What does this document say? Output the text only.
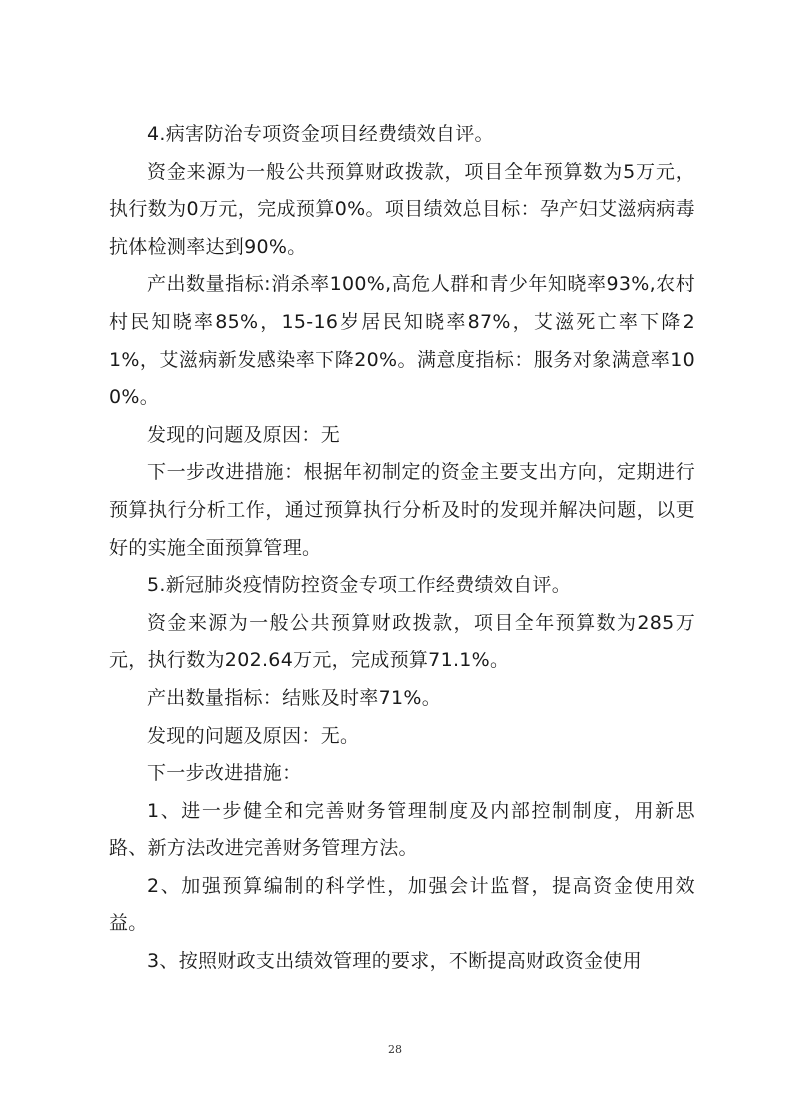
4.病害防治专项资金项目经费绩效自评。

资金来源为一般公共预算财政拨款，项目全年预算数为5万元，执行数为0万元，完成预算0%。项目绩效总目标：孕产妇艾滋病病毒抗体检测率达到90%。

产出数量指标:消杀率100%,高危人群和青少年知晓率93%,农村村民知晓率85%，15-16岁居民知晓率87%，艾滋死亡率下降21%，艾滋病新发感染率下降20%。满意度指标：服务对象满意率100%。

发现的问题及原因：无

下一步改进措施：根据年初制定的资金主要支出方向，定期进行预算执行分析工作，通过预算执行分析及时的发现并解决问题，以更好的实施全面预算管理。

5.新冠肺炎疫情防控资金专项工作经费绩效自评。

资金来源为一般公共预算财政拨款，项目全年预算数为285万元，执行数为202.64万元，完成预算71.1%。

产出数量指标：结账及时率71%。

发现的问题及原因：无。

下一步改进措施：

1、进一步健全和完善财务管理制度及内部控制制度，用新思路、新方法改进完善财务管理方法。

2、加强预算编制的科学性，加强会计监督，提高资金使用效益。

3、按照财政支出绩效管理的要求，不断提高财政资金使用

28
